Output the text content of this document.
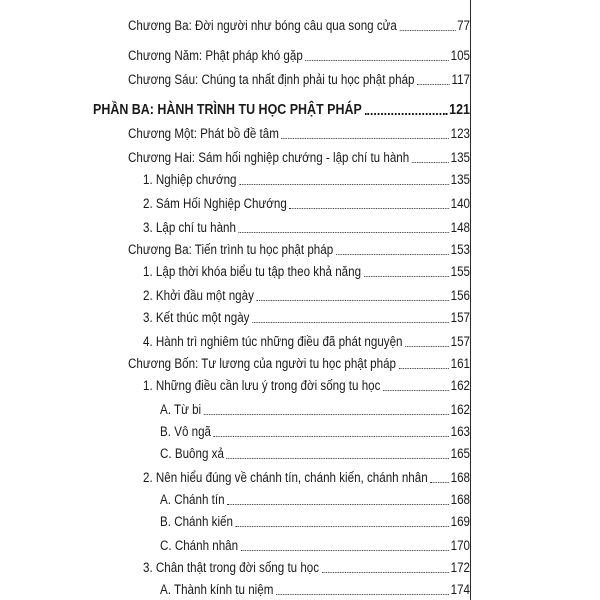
Chương Ba: Đời người như bóng câu qua song cửa	77
Chương Năm: Phật pháp khó gặp	105
Chương Sáu: Chúng ta nhất định phải tu học phật pháp	117
PHẦN BA: HÀNH TRÌNH TU HỌC PHẬT PHÁP	121
Chương Một: Phát bồ đề tâm	123
Chương Hai: Sám hối nghiệp chướng - lập chí tu hành	135
1. Nghiệp chướng	135
2. Sám Hối Nghiệp Chướng	140
3. Lập chí tu hành	148
Chương Ba: Tiến trình tu học phật pháp	153
1. Lập thời khóa biểu tu tập theo khả năng	155
2. Khởi đầu một ngày	156
3. Kết thúc một ngày	157
4. Hành trì nghiêm túc những điều đã phát nguyện	157
Chương Bốn: Tư lương của người tu học phật pháp	161
1. Những điều cần lưu ý trong đời sống tu học	162
A. Từ bi	162
B. Vô ngã	163
C. Buông xả	165
2. Nên hiểu đúng về chánh tín, chánh kiến, chánh nhân 168
A. Chánh tín	168
B. Chánh kiến	169
C. Chánh nhân	170
3. Chân thật trong đời sống tu học	172
A. Thành kính tu niệm	174
